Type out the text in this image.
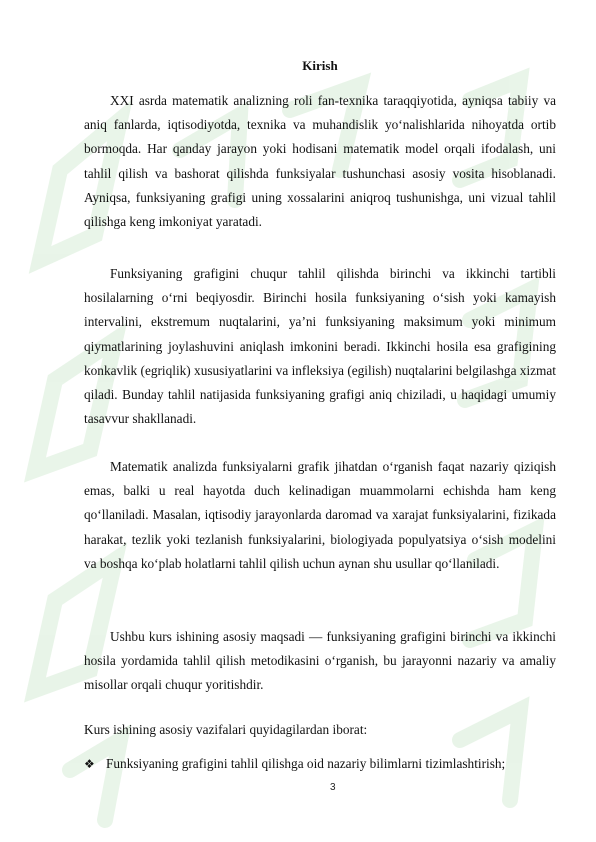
Kirish

XXI asrda matematik analizning roli fan-texnika taraqqiyotida, ayniqsa tabiiy va aniq fanlarda, iqtisodiyotda, texnika va muhandislik yo‘nalishlarida nihoyatda ortib bormoqda. Har qanday jarayon yoki hodisani matematik model orqali ifodalash, uni tahlil qilish va bashorat qilishda funksiyalar tushunchasi asosiy vosita hisoblanadi. Ayniqsa, funksiyaning grafigi uning xossalarini aniqroq tushunishga, uni vizual tahlil qilishga keng imkoniyat yaratadi.

Funksiyaning grafigini chuqur tahlil qilishda birinchi va ikkinchi tartibli hosilalarning o‘rni beqiyosdir. Birinchi hosila funksiyaning o‘sish yoki kamayish intervalini, ekstremum nuqtalarini, ya’ni funksiyaning maksimum yoki minimum qiymatlarining joylashuvini aniqlash imkonini beradi. Ikkinchi hosila esa grafigining konkavlik (egriqlik) xususiyatlarini va infleksiya (egilish) nuqtalarini belgilashga xizmat qiladi. Bunday tahlil natijasida funksiyaning grafigi aniq chiziladi, u haqidagi umumiy tasavvur shakllanadi.

Matematik analizda funksiyalarni grafik jihatdan o‘rganish faqat nazariy qiziqish emas, balki u real hayotda duch kelinadigan muammolarni echishda ham keng qo‘llaniladi. Masalan, iqtisodiy jarayonlarda daromad va xarajat funksiyalarini, fizikada harakat, tezlik yoki tezlanish funksiyalarini, biologiyada populyatsiya o‘sish modelini va boshqa ko‘plab holatlarni tahlil qilish uchun aynan shu usullar qo‘llaniladi.

Ushbu kurs ishining asosiy maqsadi — funksiyaning grafigini birinchi va ikkinchi hosila yordamida tahlil qilish metodikasini o‘rganish, bu jarayonni nazariy va amaliy misollar orqali chuqur yoritishdir.

Kurs ishining asosiy vazifalari quyidagilardan iborat:

❖ Funksiyaning grafigini tahlil qilishga oid nazariy bilimlarni tizimlashtirish;
3
